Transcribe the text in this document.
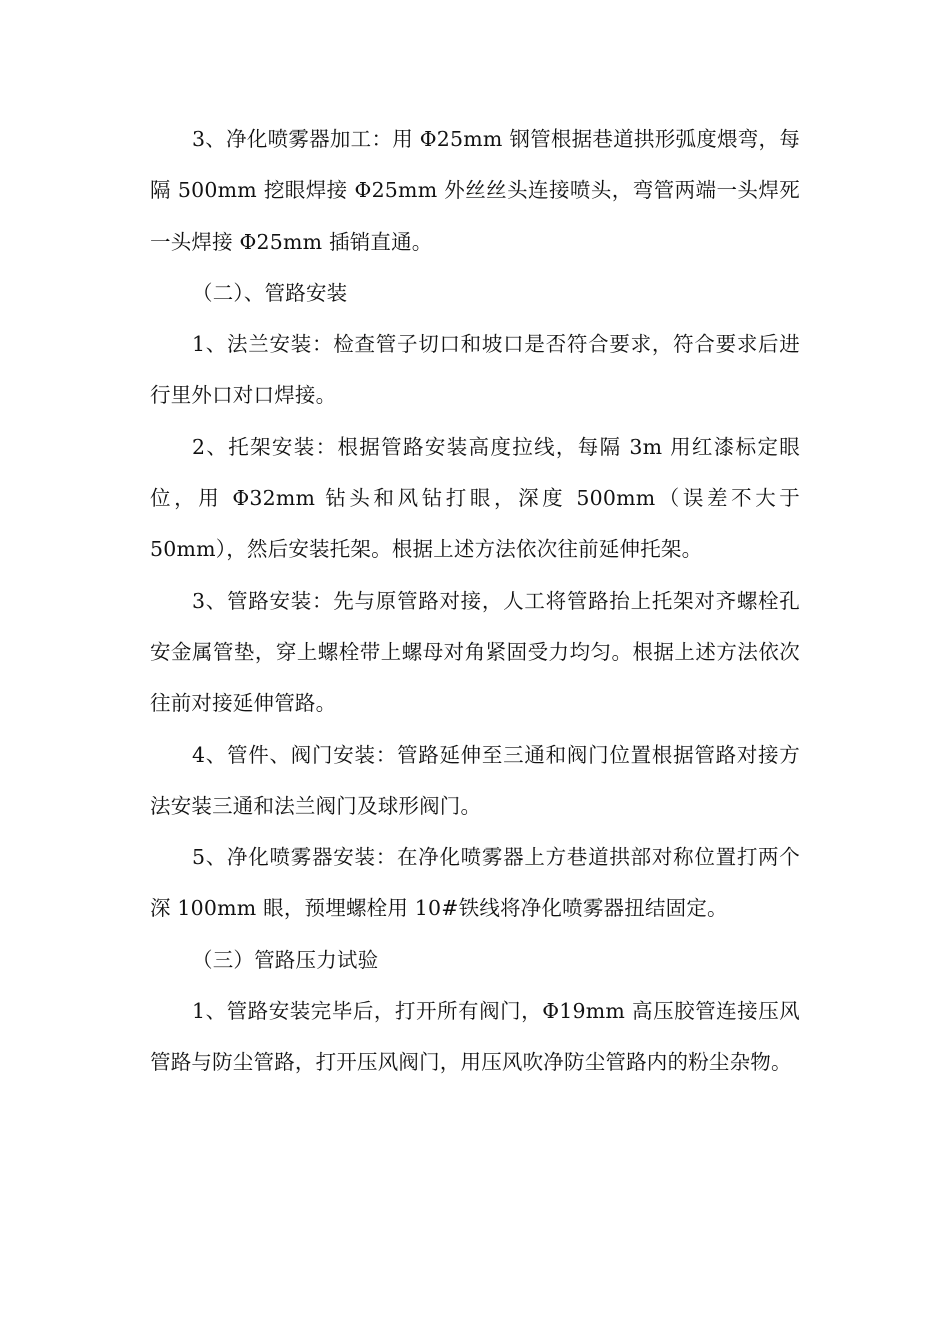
3、净化喷雾器加工：用 Φ25mm 钢管根据巷道拱形弧度煨弯，每隔 500mm 挖眼焊接 Φ25mm 外丝丝头连接喷头，弯管两端一头焊死一头焊接 Φ25mm 插销直通。

（二）、管路安装

1、法兰安装：检查管子切口和坡口是否符合要求，符合要求后进行里外口对口焊接。

2、托架安装：根据管路安装高度拉线，每隔 3m 用红漆标定眼位，用 Φ32mm 钻头和风钻打眼，深度 500mm（误差不大于 50mm），然后安装托架。根据上述方法依次往前延伸托架。

3、管路安装：先与原管路对接，人工将管路抬上托架对齐螺栓孔安金属管垫，穿上螺栓带上螺母对角紧固受力均匀。根据上述方法依次往前对接延伸管路。

4、管件、阀门安装：管路延伸至三通和阀门位置根据管路对接方法安装三通和法兰阀门及球形阀门。

5、净化喷雾器安装：在净化喷雾器上方巷道拱部对称位置打两个深 100mm 眼，预埋螺栓用 10#铁线将净化喷雾器扭结固定。

（三）管路压力试验

1、管路安装完毕后，打开所有阀门，Φ19mm 高压胶管连接压风管路与防尘管路，打开压风阀门，用压风吹净防尘管路内的粉尘杂物。
